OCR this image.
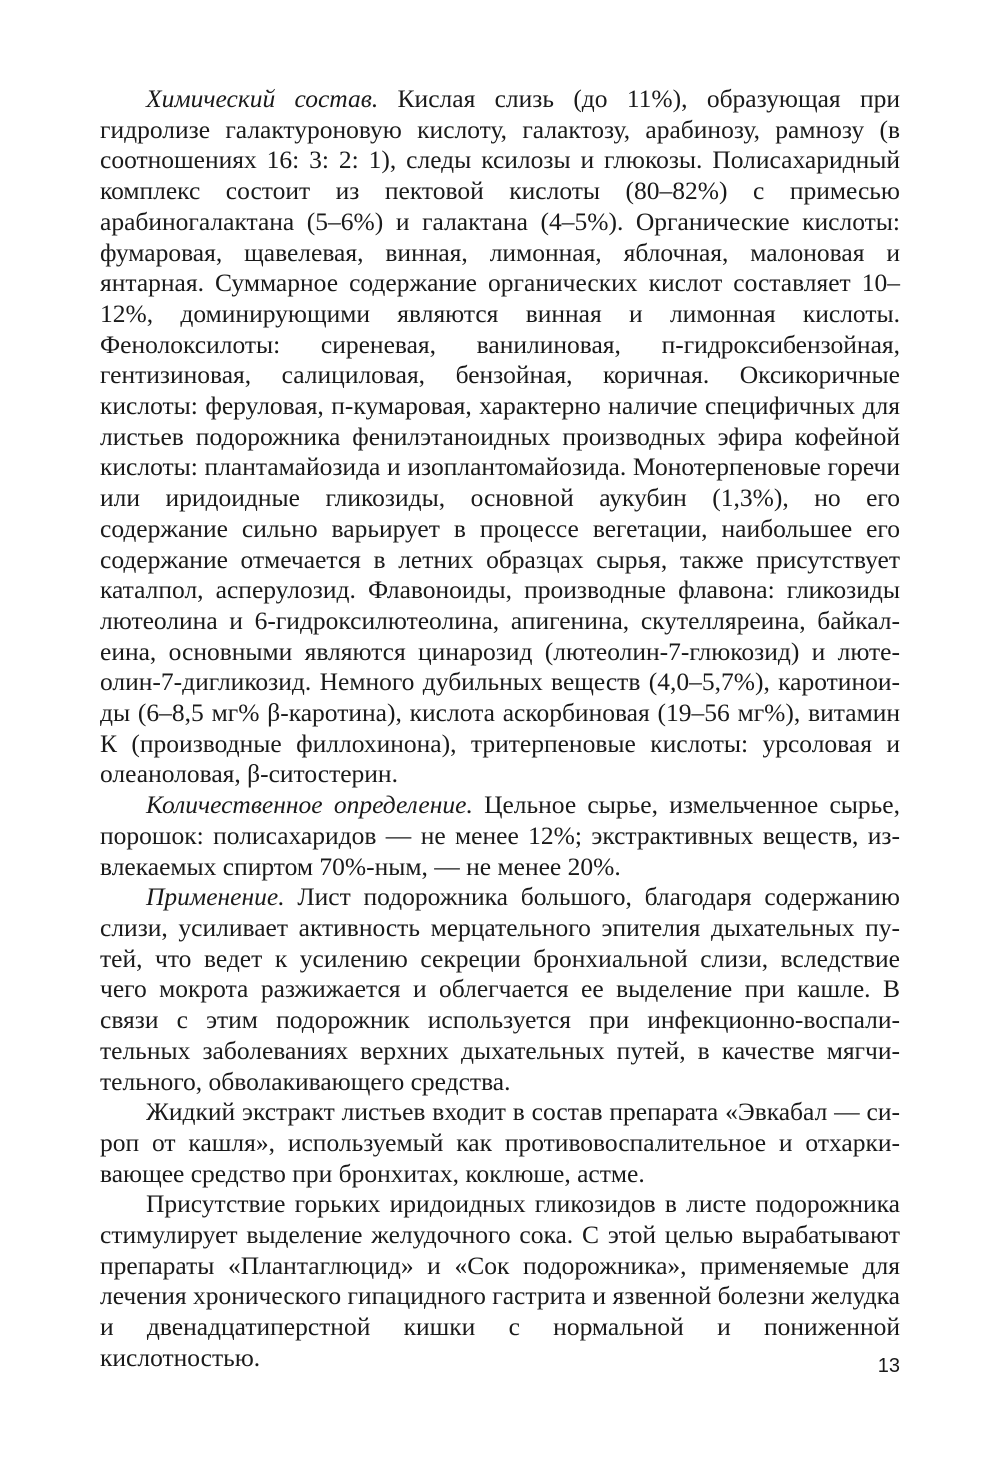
Химический состав. Кислая слизь (до 11%), образующая при гидролизе галактуроновую кислоту, галактозу, арабинозу, рамнозу (в соотношениях 16: 3: 2: 1), следы ксилозы и глюкозы. Полисахаридный комплекс состоит из пектовой кислоты (80–82%) с примесью арабиногалактана (5–6%) и галактана (4–5%). Органические кислоты: фумаровая, щавелевая, винная, лимонная, яблочная, малоновая и янтарная. Суммарное содержание органических кислот составляет 10–12%, доминирующими являются винная и лимонная кислоты. Фенолоксилоты: сиреневая, ванилиновая, п-гидроксибензойная, гентизиновая, салициловая, бензойная, коричная. Оксикоричные кислоты: феруловая, п-кумаровая, характерно наличие специфичных для листьев подорожника фенилэтаноидных производных эфира кофейной кислоты: плантамайозида и изоплантомайозида. Монотерпеновые горечи или иридоидные гликозиды, основной аукубин (1,3%), но его содержание сильно варьирует в процессе вегетации, наибольшее его содержание отмечается в летних образцах сырья, также присутствует каталпол, асперулозид. Флавоноиды, производные флавона: гликозиды лютеолина и 6-гидроксилютеолина, апигенина, скутелляреина, байкалеина, основными являются цинарозид (лютеолин-7-глюкозид) и лютеолин-7-дигликозид. Немного дубильных веществ (4,0–5,7%), каротиноиды (6–8,5 мг% β-каротина), кислота аскорбиновая (19–56 мг%), витамин К (производные филлохинона), тритерпеновые кислоты: урсоловая и олеаноловая, β-ситостерин.

Количественное определение. Цельное сырье, измельченное сырье, порошок: полисахаридов — не менее 12%; экстрактивных веществ, извлекаемых спиртом 70%-ным, — не менее 20%.

Применение. Лист подорожника большого, благодаря содержанию слизи, усиливает активность мерцательного эпителия дыхательных путей, что ведет к усилению секреции бронхиальной слизи, вследствие чего мокрота разжижается и облегчается ее выделение при кашле. В связи с этим подорожник используется при инфекционно-воспалительных заболеваниях верхних дыхательных путей, в качестве мягчительного, обволакивающего средства.

Жидкий экстракт листьев входит в состав препарата «Эвкабал — сироп от кашля», используемый как противовоспалительное и отхаркивающее средство при бронхитах, коклюше, астме.

Присутствие горьких иридоидных гликозидов в листе подорожника стимулирует выделение желудочного сока. С этой целью вырабатывают препараты «Плантаглюцид» и «Сок подорожника», применяемые для лечения хронического гипацидного гастрита и язвенной болезни желудка и двенадцатиперстной кишки с нормальной и пониженной кислотностью.	13
